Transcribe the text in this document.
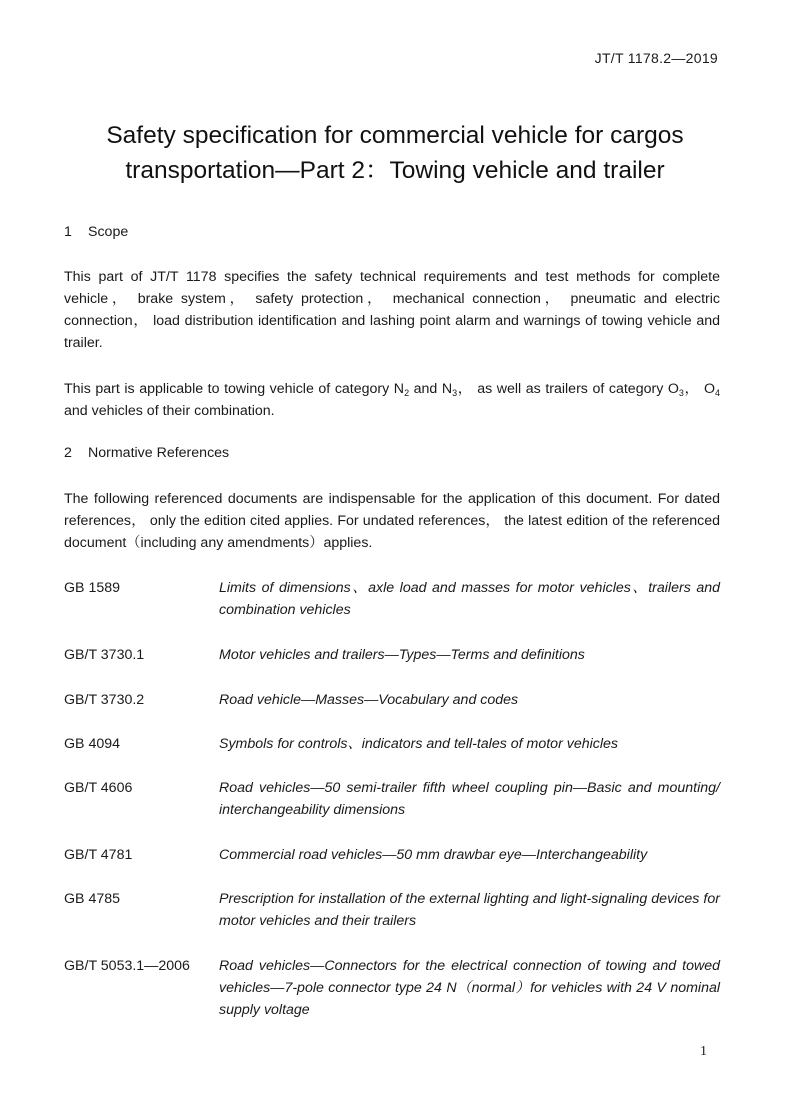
JT/T 1178.2—2019
Safety specification for commercial vehicle for cargos
transportation—Part 2：Towing vehicle and trailer
1 Scope
This part of JT/T 1178 specifies the safety technical requirements and test methods for complete vehicle， brake system， safety protection， mechanical connection， pneumatic and electric connection， load distribution identification and lashing point alarm and warnings of towing vehicle and trailer.
This part is applicable to towing vehicle of category $N_2$ and $N_3$， as well as trailers of category $O_3$， $O_4$ and vehicles of their combination.
2 Normative References
The following referenced documents are indispensable for the application of this document. For dated references， only the edition cited applies. For undated references， the latest edition of the referenced document（including any amendments）applies.
GB 1589	Limits of dimensions、axle load and masses for motor vehicles、trailers and combination vehicles
GB/T 3730.1	Motor vehicles and trailers—Types—Terms and definitions
GB/T 3730.2	Road vehicle—Masses—Vocabulary and codes
GB 4094	Symbols for controls、indicators and tell-tales of motor vehicles
GB/T 4606	Road vehicles—50 semi-trailer fifth wheel coupling pin—Basic and mounting/ interchangeability dimensions
GB/T 4781	Commercial road vehicles—50 mm drawbar eye—Interchangeability
GB 4785	Prescription for installation of the external lighting and light-signaling devices for motor vehicles and their trailers
GB/T 5053.1—2006	Road vehicles—Connectors for the electrical connection of towing and towed vehicles—7-pole connector type 24 N（normal）for vehicles with 24 V nominal supply voltage
1
